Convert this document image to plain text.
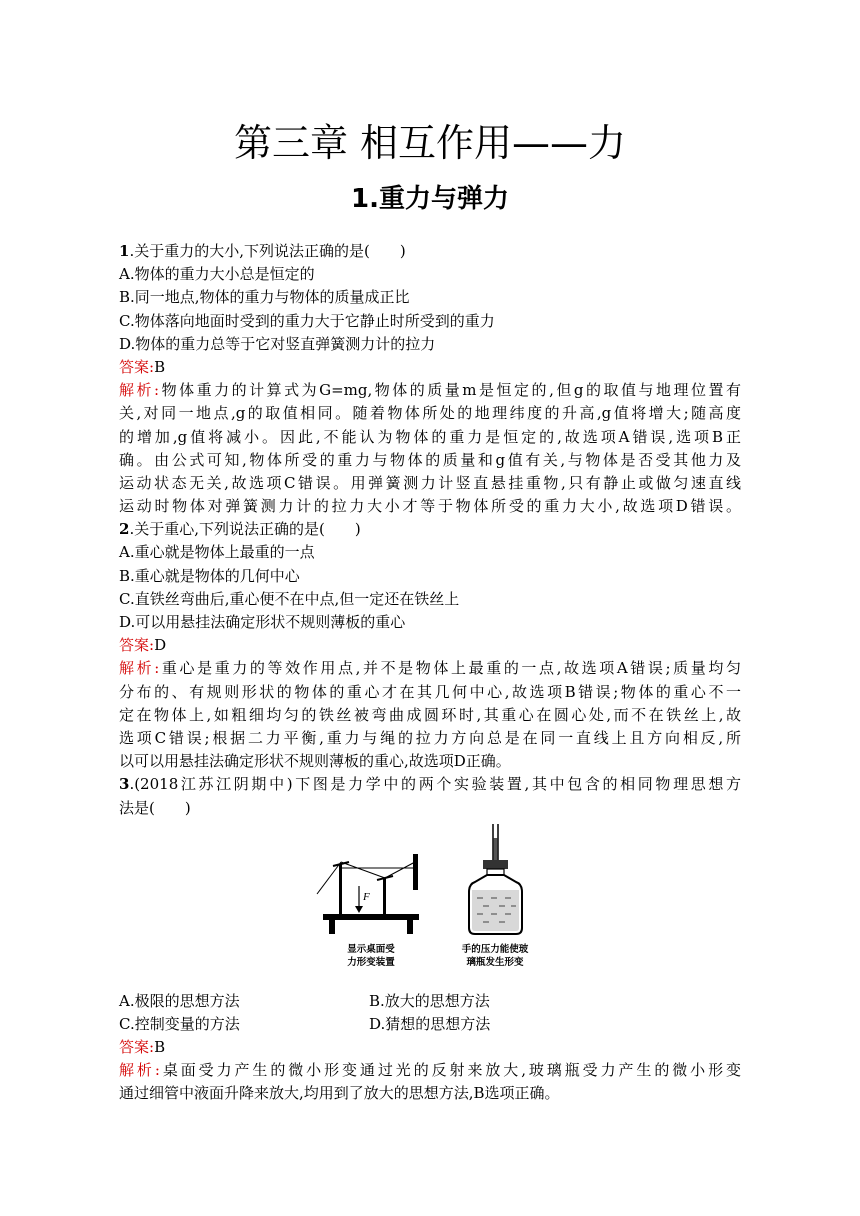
第三章 相互作用——力
1.重力与弹力
1.关于重力的大小,下列说法正确的是(　　)
A.物体的重力大小总是恒定的
B.同一地点,物体的重力与物体的质量成正比
C.物体落向地面时受到的重力大于它静止时所受到的重力
D.物体的重力总等于它对竖直弹簧测力计的拉力
答案:B
解析:物体重力的计算式为G=mg,物体的质量m是恒定的,但g的取值与地理位置有
关,对同一地点,g的取值相同。随着物体所处的地理纬度的升高,g值将增大;随高度
的增加,g值将减小。因此,不能认为物体的重力是恒定的,故选项A错误,选项B正
确。由公式可知,物体所受的重力与物体的质量和g值有关,与物体是否受其他力及
运动状态无关,故选项C错误。用弹簧测力计竖直悬挂重物,只有静止或做匀速直线
运动时物体对弹簧测力计的拉力大小才等于物体所受的重力大小,故选项D错误。
2.关于重心,下列说法正确的是(　　)
A.重心就是物体上最重的一点
B.重心就是物体的几何中心
C.直铁丝弯曲后,重心便不在中点,但一定还在铁丝上
D.可以用悬挂法确定形状不规则薄板的重心
答案:D
解析:重心是重力的等效作用点,并不是物体上最重的一点,故选项A错误;质量均匀
分布的、有规则形状的物体的重心才在其几何中心,故选项B错误;物体的重心不一
定在物体上,如粗细均匀的铁丝被弯曲成圆环时,其重心在圆心处,而不在铁丝上,故
选项C错误;根据二力平衡,重力与绳的拉力方向总是在同一直线上且方向相反,所
以可以用悬挂法确定形状不规则薄板的重心,故选项D正确。
3.(2018江苏江阴期中)下图是力学中的两个实验装置,其中包含的相同物理思想方
法是(　　)
F
显示桌面受
力形变装置
手的压力能使玻
璃瓶发生形变
A.极限的思想方法	B.放大的思想方法
C.控制变量的方法	D.猜想的思想方法
答案:B
解析:桌面受力产生的微小形变通过光的反射来放大,玻璃瓶受力产生的微小形变
通过细管中液面升降来放大,均用到了放大的思想方法,B选项正确。
